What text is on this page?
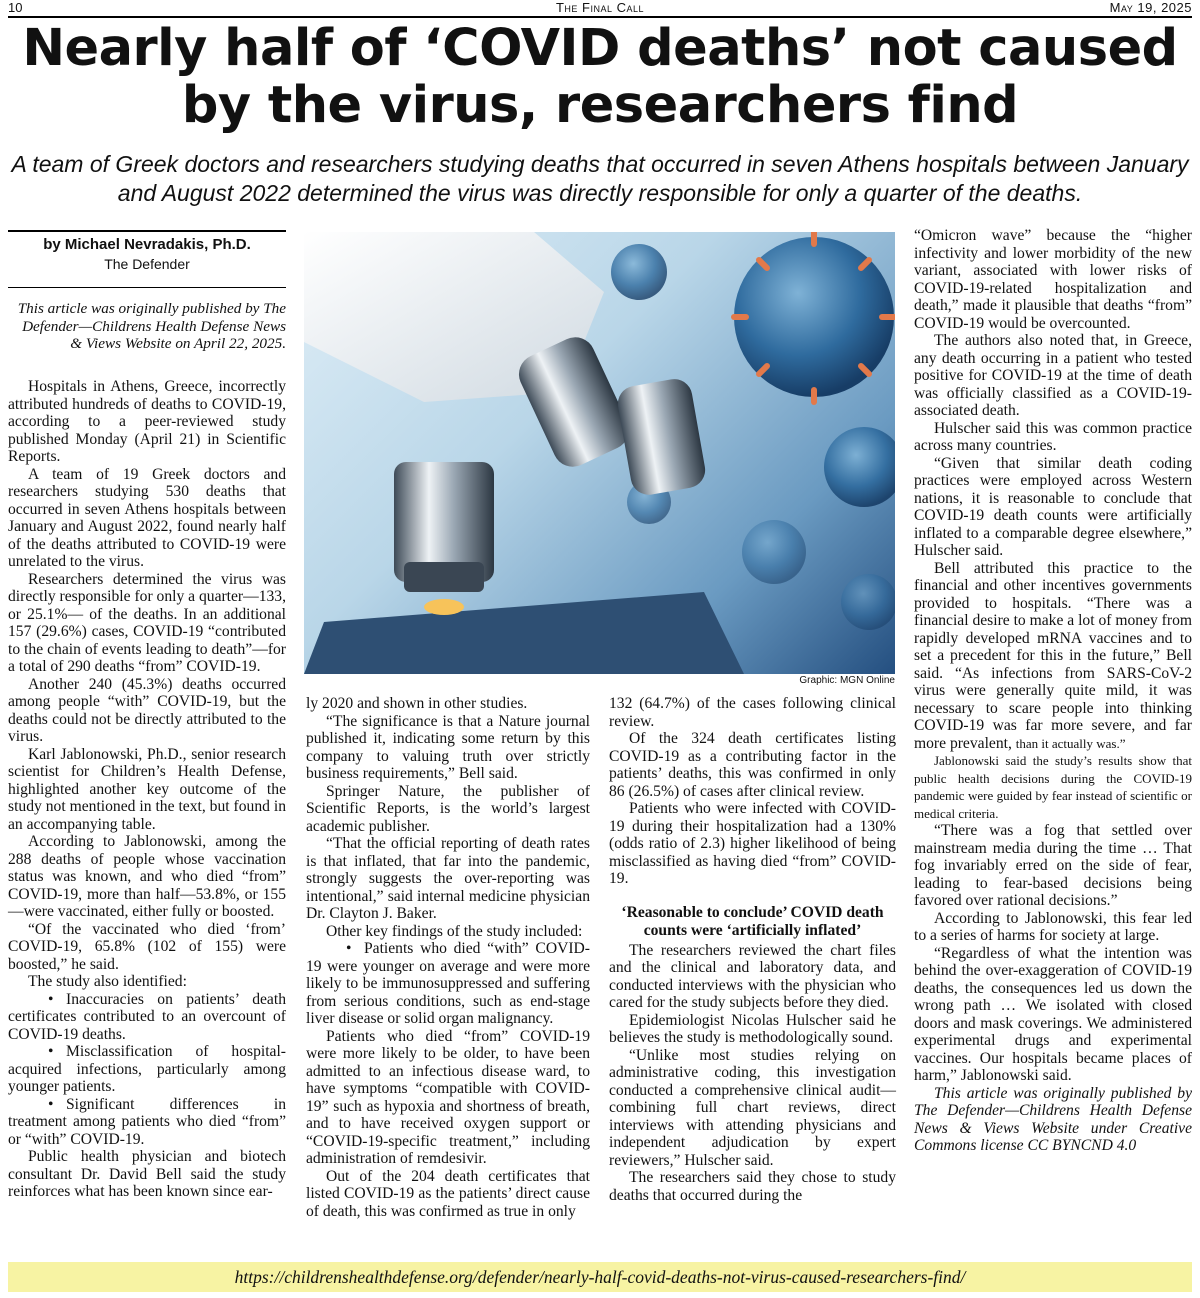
10	The Final Call	May 19, 2025
Nearly half of ‘COVID deaths’ not caused by the virus, researchers find
A team of Greek doctors and researchers studying deaths that occurred in seven Athens hospitals between January and August 2022 determined the virus was directly responsible for only a quarter of the deaths.
by Michael Nevradakis, Ph.D.
The Defender
This article was originally published by The Defender—Childrens Health Defense News & Views Website on April 22, 2025.

Hospitals in Athens, Greece, incorrectly attributed hundreds of deaths to COVID-19, according to a peer-reviewed study published Monday (April 21) in Scientific Reports.

A team of 19 Greek doctors and researchers studying 530 deaths that occurred in seven Athens hospitals between January and August 2022, found nearly half of the deaths attributed to COVID-19 were unrelated to the virus.

Researchers determined the virus was directly responsible for only a quarter—133, or 25.1%— of the deaths. In an additional 157 (29.6%) cases, COVID-19 “contributed to the chain of events leading to death”—for a total of 290 deaths “from” COVID-19.

Another 240 (45.3%) deaths occurred among people “with” COVID-19, but the deaths could not be directly attributed to the virus.

Karl Jablonowski, Ph.D., senior research scientist for Children’s Health Defense, highlighted another key outcome of the study not mentioned in the text, but found in an accompanying table.

According to Jablonowski, among the 288 deaths of people whose vaccination status was known, and who died “from” COVID-19, more than half—53.8%, or 155—were vaccinated, either fully or boosted.

“Of the vaccinated who died ‘from’ COVID-19, 65.8% (102 of 155) were boosted,” he said.

The study also identified:

• Inaccuracies on patients’ death certificates contributed to an overcount of COVID-19 deaths.

• Misclassification of hospital-acquired infections, particularly among younger patients.

• Significant differences in treatment among patients who died “from” or “with” COVID-19.

Public health physician and biotech consultant Dr. David Bell said the study reinforces what has been known since ear-

Graphic: MGN Online

ly 2020 and shown in other studies.

“The significance is that a Nature journal published it, indicating some return by this company to valuing truth over strictly business requirements,” Bell said.

Springer Nature, the publisher of Scientific Reports, is the world’s largest academic publisher.

“That the official reporting of death rates is that inflated, that far into the pandemic, strongly suggests the over-reporting was intentional,” said internal medicine physician Dr. Clayton J. Baker.

Other key findings of the study included:

• Patients who died “with” COVID-19 were younger on average and were more likely to be immunosuppressed and suffering from serious conditions, such as end-stage liver disease or solid organ malignancy.

Patients who died “from” COVID-19 were more likely to be older, to have been admitted to an infectious disease ward, to have symptoms “compatible with COVID-19” such as hypoxia and shortness of breath, and to have received oxygen support or “COVID-19-specific treatment,” including administration of remdesivir.

Out of the 204 death certificates that listed COVID-19 as the patients’ direct cause of death, this was confirmed as true in only

132 (64.7%) of the cases following clinical review.

Of the 324 death certificates listing COVID-19 as a contributing factor in the patients’ deaths, this was confirmed in only 86 (26.5%) of cases after clinical review.

Patients who were infected with COVID-19 during their hospitalization had a 130% (odds ratio of 2.3) higher likelihood of being misclassified as having died “from” COVID-19.

‘Reasonable to conclude’ COVID death counts were ‘artificially inflated’

The researchers reviewed the chart files and the clinical and laboratory data, and conducted interviews with the physician who cared for the study subjects before they died.

Epidemiologist Nicolas Hulscher said he believes the study is methodologically sound.

“Unlike most studies relying on administrative coding, this investigation conducted a comprehensive clinical audit—combining full chart reviews, direct interviews with attending physicians and independent adjudication by expert reviewers,” Hulscher said.

The researchers said they chose to study deaths that occurred during the

“Omicron wave” because the “higher infectivity and lower morbidity of the new variant, associated with lower risks of COVID-19-related hospitalization and death,” made it plausible that deaths “from” COVID-19 would be overcounted.

The authors also noted that, in Greece, any death occurring in a patient who tested positive for COVID-19 at the time of death was officially classified as a COVID-19-associated death.

Hulscher said this was common practice across many countries.

“Given that similar death coding practices were employed across Western nations, it is reasonable to conclude that COVID-19 death counts were artificially inflated to a comparable degree elsewhere,” Hulscher said.

Bell attributed this practice to the financial and other incentives governments provided to hospitals. “There was a financial desire to make a lot of money from rapidly developed mRNA vaccines and to set a precedent for this in the future,” Bell said. “As infections from SARS-CoV-2 virus were generally quite mild, it was necessary to scare people into thinking COVID-19 was far more severe, and far more prevalent, than it actually was.”

Jablonowski said the study’s results show that public health decisions during the COVID-19 pandemic were guided by fear instead of scientific or medical criteria.

“There was a fog that settled over mainstream media during the time … That fog invariably erred on the side of fear, leading to fear-based decisions being favored over rational decisions.”

According to Jablonowski, this fear led to a series of harms for society at large.

“Regardless of what the intention was behind the over-exaggeration of COVID-19 deaths, the consequences led us down the wrong path … We isolated with closed doors and mask coverings. We administered experimental drugs and experimental vaccines. Our hospitals became places of harm,” Jablonowski said.

This article was originally published by The Defender—Childrens Health Defense News & Views Website under Creative Commons license CC BYNCND 4.0

https://childrenshealthdefense.org/defender/nearly-half-covid-deaths-not-virus-caused-researchers-find/
